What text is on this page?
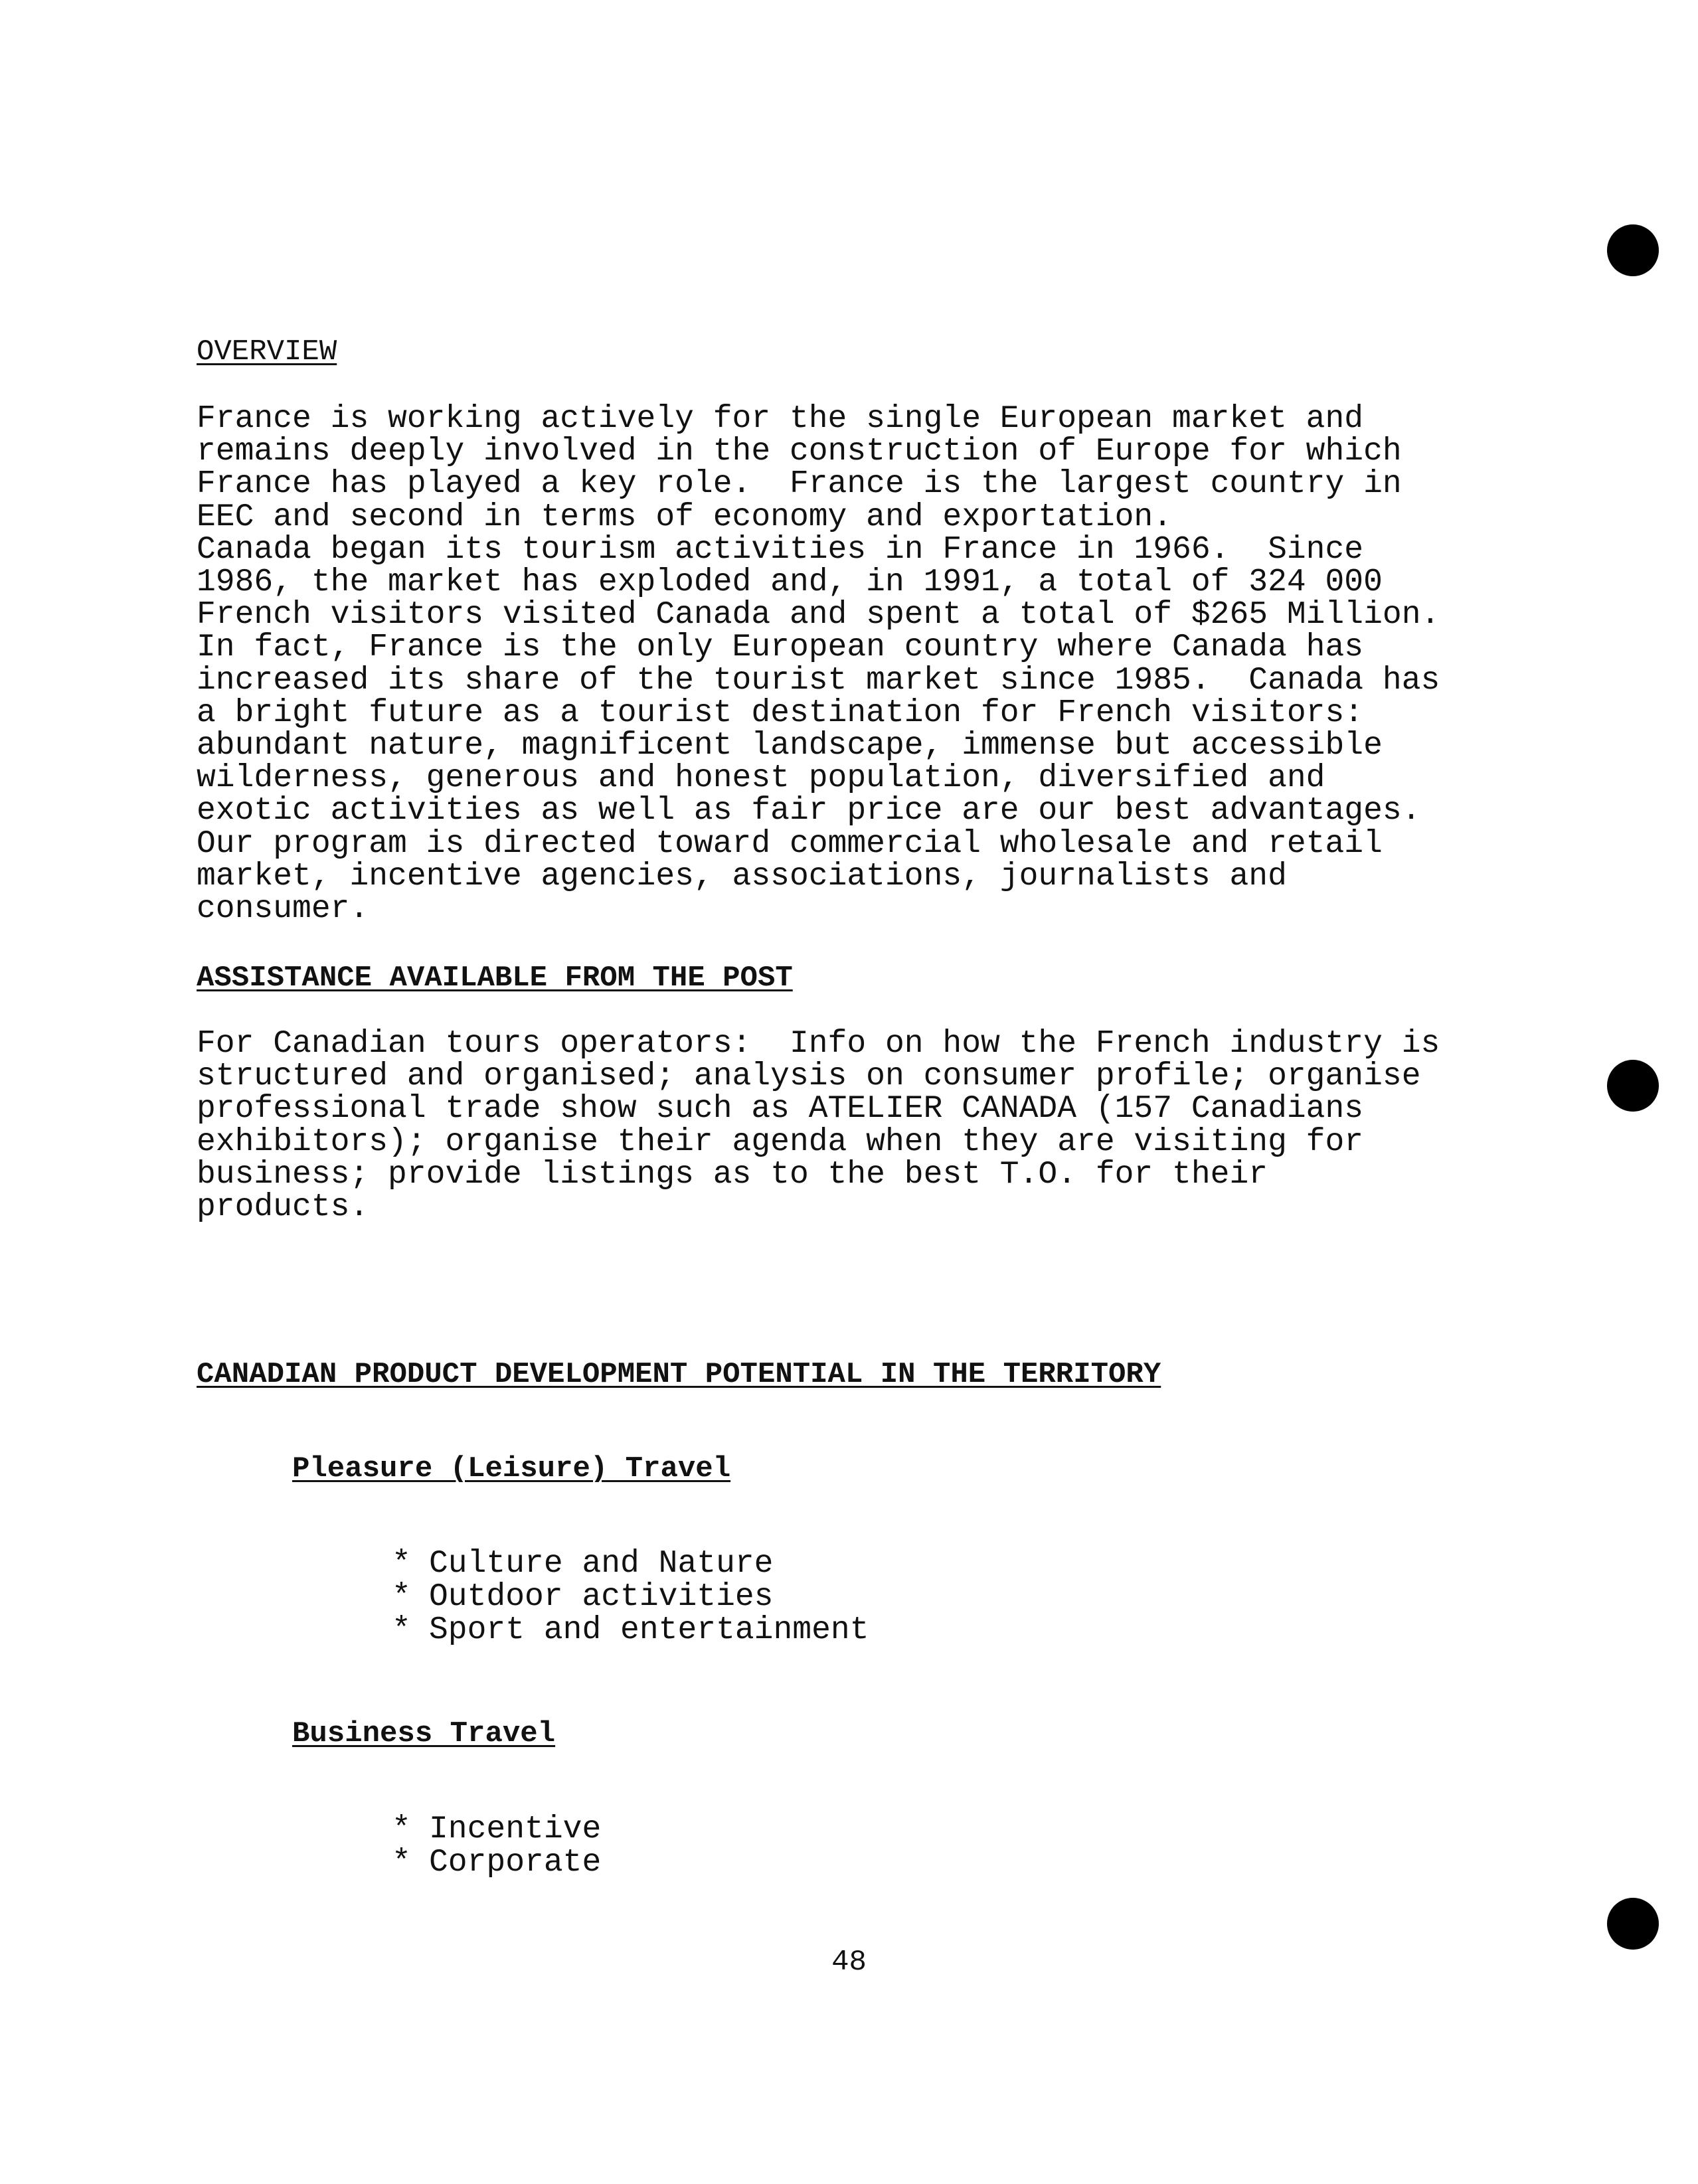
OVERVIEW

France is working actively for the single European market and
remains deeply involved in the construction of Europe for which
France has played a key role.  France is the largest country in
EEC and second in terms of economy and exportation.
Canada began its tourism activities in France in 1966.  Since
1986, the market has exploded and, in 1991, a total of 324 000
French visitors visited Canada and spent a total of $265 Million.
In fact, France is the only European country where Canada has
increased its share of the tourist market since 1985.  Canada has
a bright future as a tourist destination for French visitors:
abundant nature, magnificent landscape, immense but accessible
wilderness, generous and honest population, diversified and
exotic activities as well as fair price are our best advantages.
Our program is directed toward commercial wholesale and retail
market, incentive agencies, associations, journalists and
consumer.

ASSISTANCE AVAILABLE FROM THE POST

For Canadian tours operators:  Info on how the French industry is
structured and organised; analysis on consumer profile; organise
professional trade show such as ATELIER CANADA (157 Canadians
exhibitors); organise their agenda when they are visiting for
business; provide listings as to the best T.O. for their
products.

CANADIAN PRODUCT DEVELOPMENT POTENTIAL IN THE TERRITORY
Pleasure (Leisure) Travel
* Culture and Nature
* Outdoor activities
* Sport and entertainment
Business Travel
* Incentive
* Corporate
48
